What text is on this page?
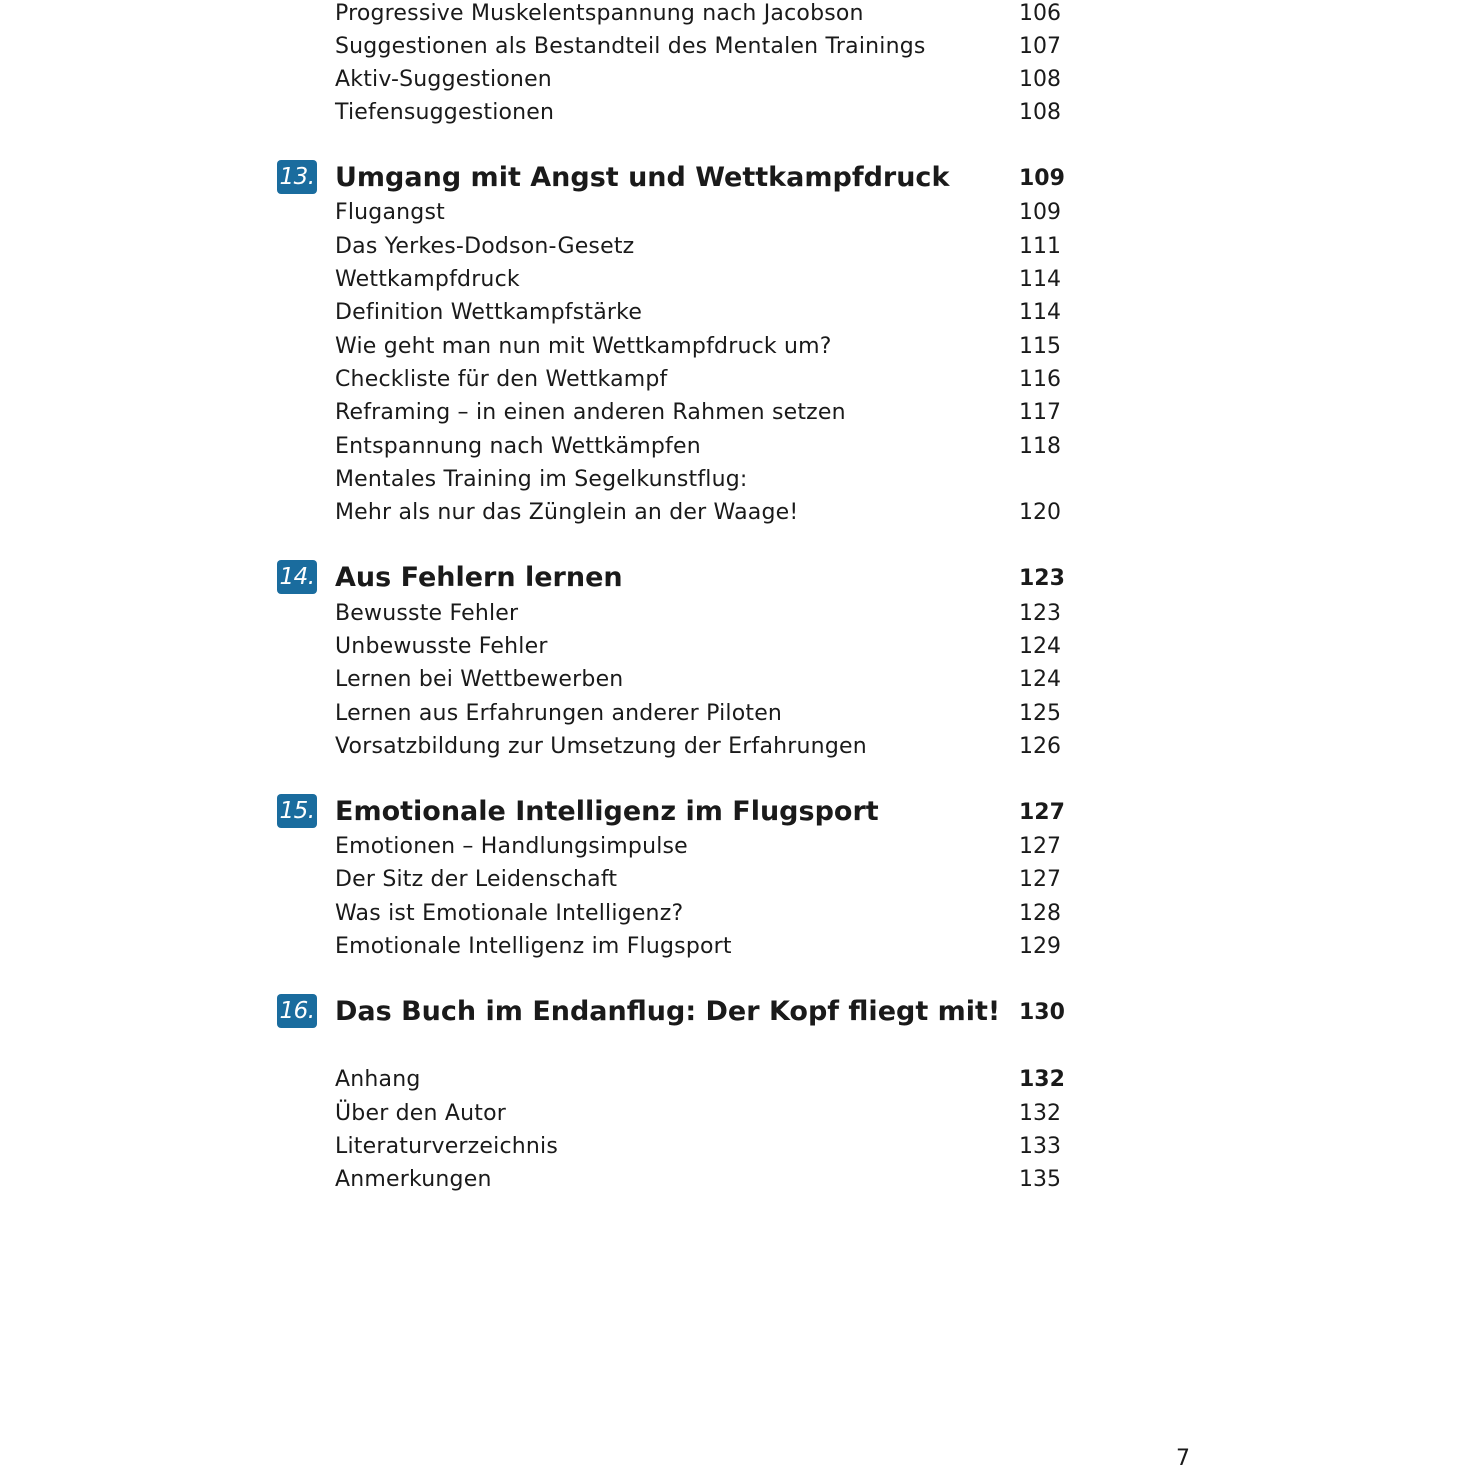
Progressive Muskelentspannung nach Jacobson	106
Suggestionen als Bestandteil des Mentalen Trainings	107
Aktiv-Suggestionen	108
Tiefensuggestionen	108
13. Umgang mit Angst und Wettkampfdruck	109
Flugangst	109
Das Yerkes-Dodson-Gesetz	111
Wettkampfdruck	114
Definition Wettkampfstärke	114
Wie geht man nun mit Wettkampfdruck um?	115
Checkliste für den Wettkampf	116
Reframing – in einen anderen Rahmen setzen	117
Entspannung nach Wettkämpfen	118
Mentales Training im Segelkunstflug:
Mehr als nur das Zünglein an der Waage!	120
14. Aus Fehlern lernen	123
Bewusste Fehler	123
Unbewusste Fehler	124
Lernen bei Wettbewerben	124
Lernen aus Erfahrungen anderer Piloten	125
Vorsatzbildung zur Umsetzung der Erfahrungen	126
15. Emotionale Intelligenz im Flugsport	127
Emotionen – Handlungsimpulse	127
Der Sitz der Leidenschaft	127
Was ist Emotionale Intelligenz?	128
Emotionale Intelligenz im Flugsport	129
16. Das Buch im Endanflug: Der Kopf fliegt mit! 130
Anhang	132
Über den Autor	132
Literaturverzeichnis	133
Anmerkungen	135
7
